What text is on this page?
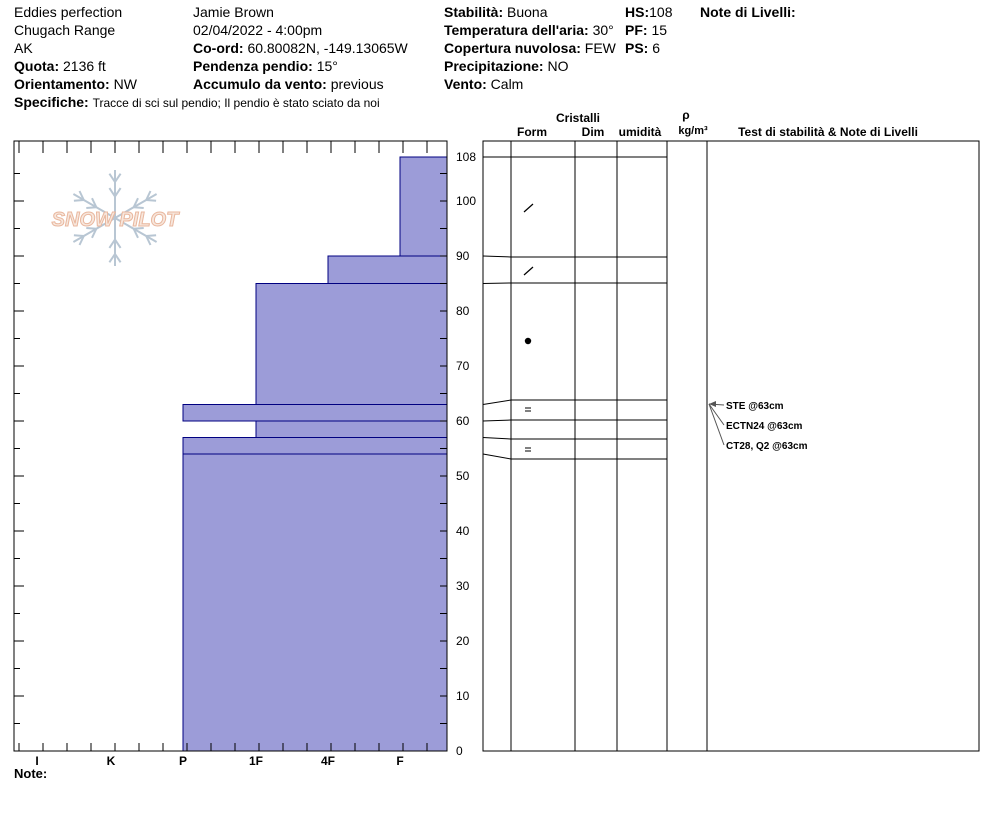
Eddies perfection
Chugach Range
AK
Quota: 2136 ft
Orientamento: NW
Specifiche: Tracce di sci sul pendio; Il pendio è stato sciato da noi
Jamie Brown
02/04/2022 - 4:00pm
Co-ord: 60.80082N, -149.13065W
Pendenza pendio: 15°
Accumulo da vento: previous
Stabilità: Buona
Temperatura dell'aria: 30°
Copertura nuvolosa: FEW
Precipitazione: NO
Vento: Calm
HS:108
PF: 15
PS: 6
Note di Livelli:
SNOW PILOT
I	K	P	1F	4F	F
0
10
20
30
40
50
60
70
80
90
100
108
Cristalli
Form	Dim umidità
ρ
kg/m³	Test di stabilità & Note di Livelli
STE @63cm
ECTN24 @63cm
CT28, Q2 @63cm
Note:
